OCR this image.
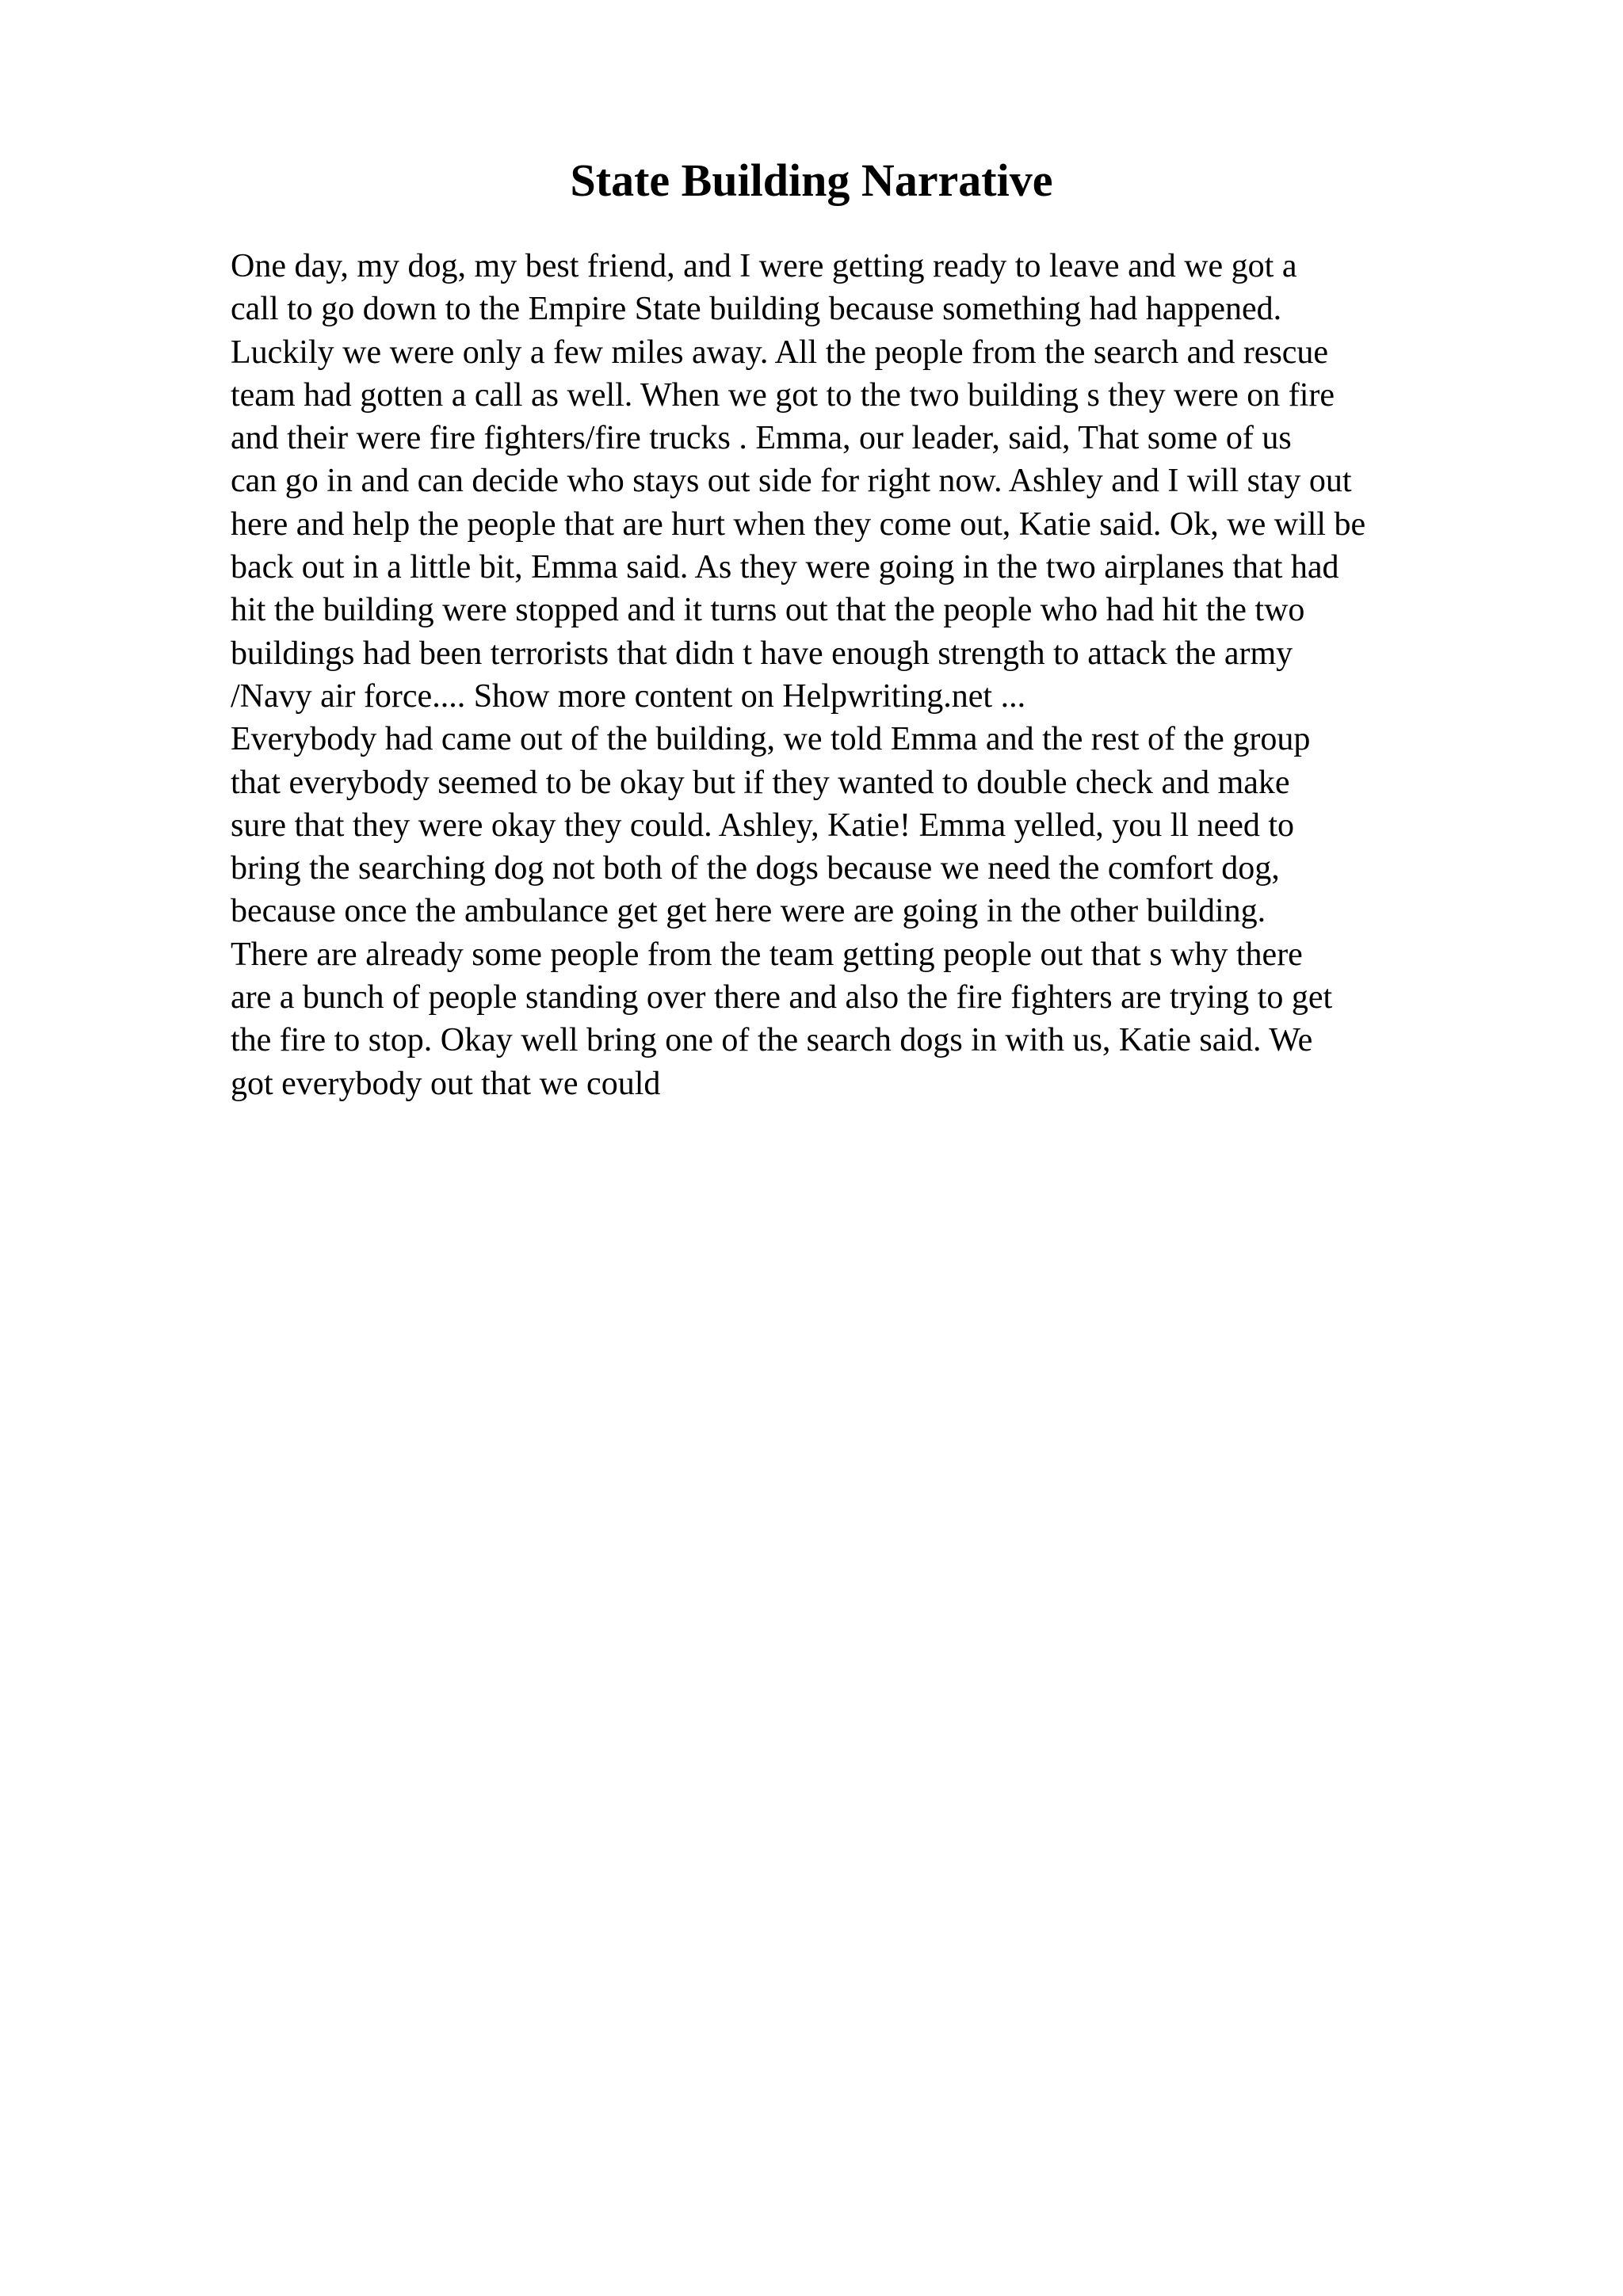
State Building Narrative
One day, my dog, my best friend, and I were getting ready to leave and we got a
call to go down to the Empire State building because something had happened.
Luckily we were only a few miles away. All the people from the search and rescue
team had gotten a call as well. When we got to the two building s they were on fire
and their were fire fighters/fire trucks . Emma, our leader, said, That some of us
can go in and can decide who stays out side for right now. Ashley and I will stay out
here and help the people that are hurt when they come out, Katie said. Ok, we will be
back out in a little bit, Emma said. As they were going in the two airplanes that had
hit the building were stopped and it turns out that the people who had hit the two
buildings had been terrorists that didn t have enough strength to attack the army
/Navy air force.... Show more content on Helpwriting.net ...
Everybody had came out of the building, we told Emma and the rest of the group
that everybody seemed to be okay but if they wanted to double check and make
sure that they were okay they could. Ashley, Katie! Emma yelled, you ll need to
bring the searching dog not both of the dogs because we need the comfort dog,
because once the ambulance get get here were are going in the other building.
There are already some people from the team getting people out that s why there
are a bunch of people standing over there and also the fire fighters are trying to get
the fire to stop. Okay well bring one of the search dogs in with us, Katie said. We
got everybody out that we could
